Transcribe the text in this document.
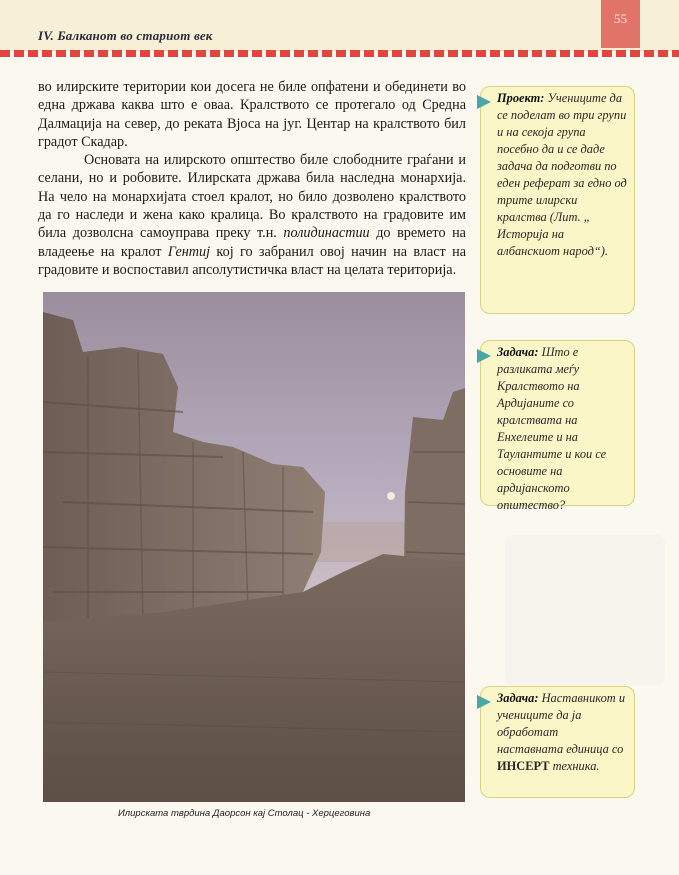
IV. Балканот во стариот век
55

во илирските територии кои досега не биле опфатени и обединети во една држава каква што е оваа. Кралството се протегало од Средна Далмација на север, до реката Вјоса на југ. Центар на кралството бил градот Скадар.

Основата на илирското општество биле слободните граѓани и селани, но и робовите. Илирската држава била наследна монархија. На чело на монархијата стоел кралот, но било дозволено кралството да го наследи и жена како кралица. Во кралството на градовите им била дозволсна самоуправа преку т.н. полидинастии до времето на владеење на кралот Гентиј кој го забранил овој начин на власт на градовите и воспоставил апсолутистичка власт на целата територија.

Илирската тврдина Даорсон кај Столац - Херцеговина
Проект: Учениците да се поделат во три групи и на секоја група посебно да и се даде задача да подготви по еден реферат за едно од трите илирски кралства (Лит. „ Историја на албанскиот народ“).
Задача: Што е разликата меѓу Кралството на Ардијаните со кралствата на Енхелеите и на Таулантите и кои се основите на ардијанското општество?
Задача: Наставникот и учениците да ја обработат наставната единица со ИНСЕРТ техника.
